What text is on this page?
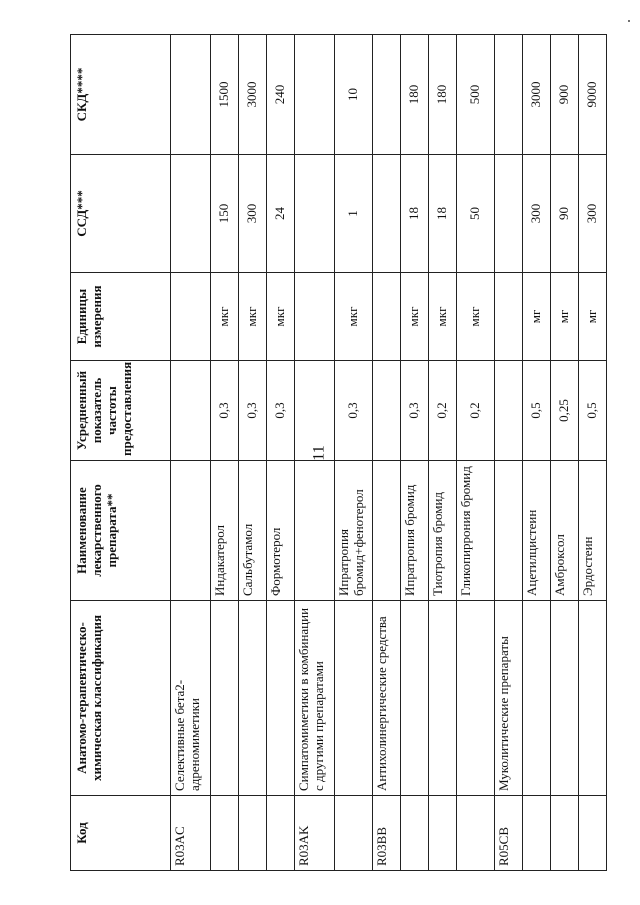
11
Код	Анатомо-терапевтическо-химическая классификация	Наименование лекарственного препарата**	Усредненный показатель частоты предоставления	Единицы измерения	ССД***	СКД****
R03AC	Селективные бета2-адреномиметики					
		Индакатерол	0,3	мкг	150	1500
		Сальбутамол	0,3	мкг	300	3000
		Формотерол	0,3	мкг	24	240
R03AK	Симпатомиметики в комбинации с другими препаратами					
		Ипратропия бромид+фенотерол	0,3	мкг	1	10
R03BB	Антихолинергические средства					
		Ипратропия бромид	0,3	мкг	18	180
		Тиотропия бромид	0,2	мкг	18	180
		Гликопиррония бромид	0,2	мкг	50	500
R05CB	Муколитические препараты					
		Ацетилцистеин	0,5	мг	300	3000
		Амброксол	0,25	мг	90	900
		Эрдостеин	0,5	мг	300	9000
